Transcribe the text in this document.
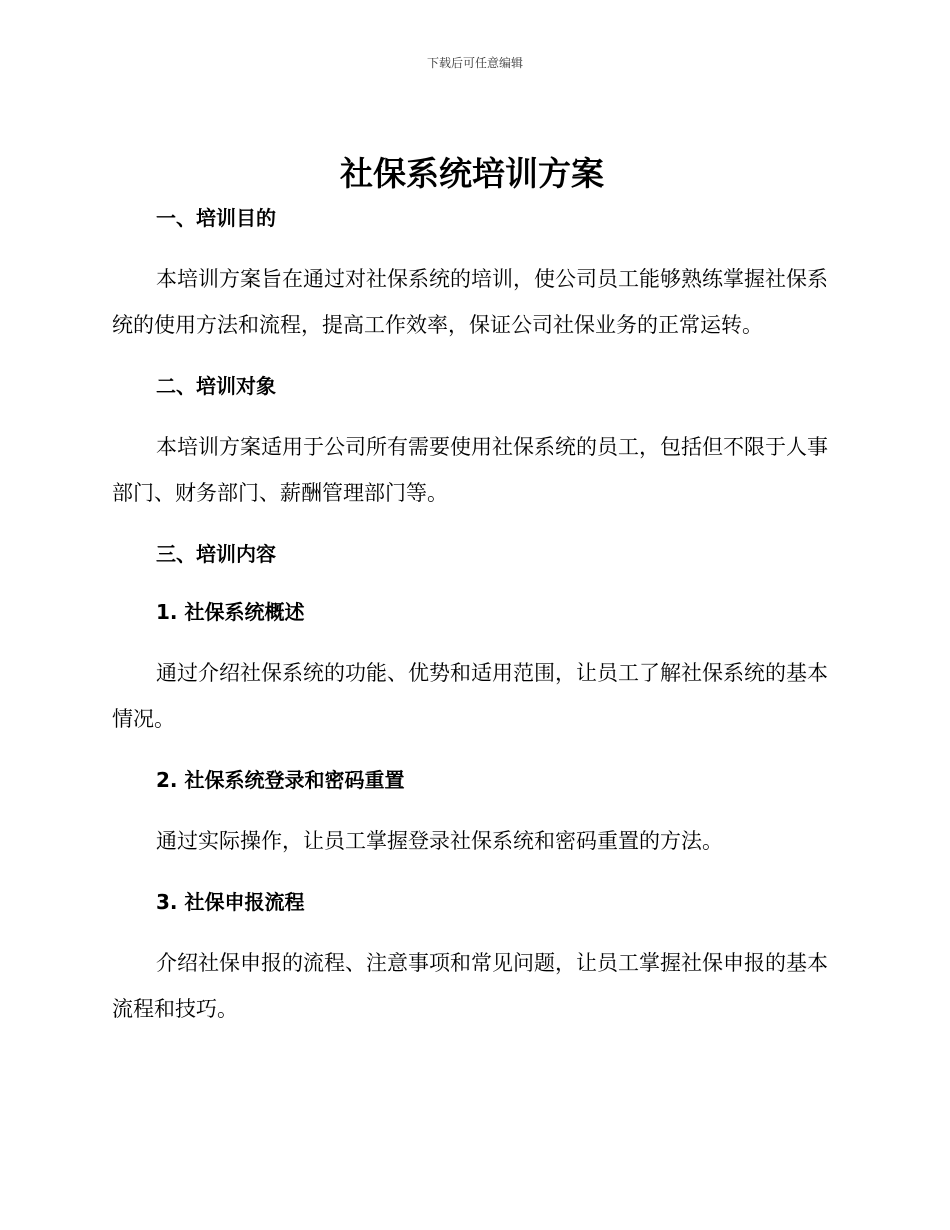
下载后可任意编辑
社保系统培训方案
一、培训目的

本培训方案旨在通过对社保系统的培训，使公司员工能够熟练掌握社保系统的使用方法和流程，提高工作效率，保证公司社保业务的正常运转。

二、培训对象

本培训方案适用于公司所有需要使用社保系统的员工，包括但不限于人事部门、财务部门、薪酬管理部门等。

三、培训内容
1. 社保系统概述

通过介绍社保系统的功能、优势和适用范围，让员工了解社保系统的基本情况。

2. 社保系统登录和密码重置

通过实际操作，让员工掌握登录社保系统和密码重置的方法。

3. 社保申报流程

介绍社保申报的流程、注意事项和常见问题，让员工掌握社保申报的基本流程和技巧。
